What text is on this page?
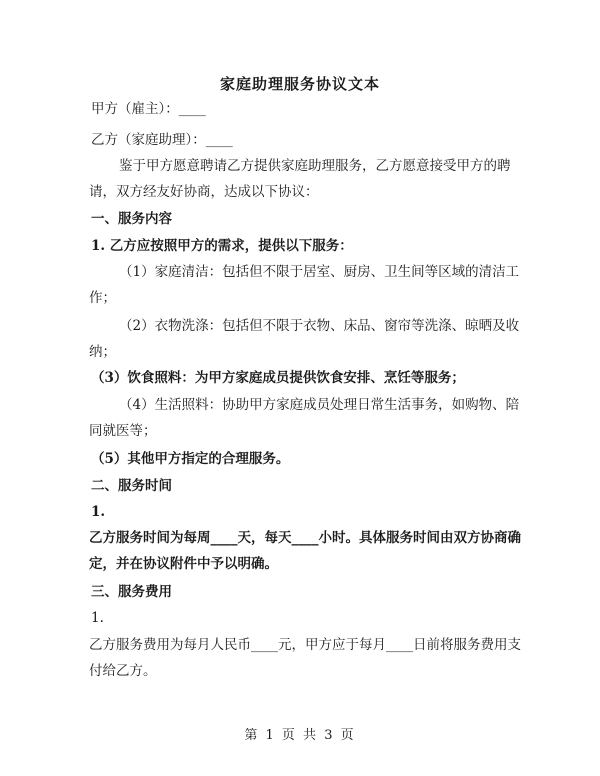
家庭助理服务协议文本
甲方（雇主）：____
乙方（家庭助理）：____
鉴于甲方愿意聘请乙方提供家庭助理服务，乙方愿意接受甲方的聘请，双方经友好协商，达成以下协议：
一、服务内容
1. 乙方应按照甲方的需求，提供以下服务：
（1）家庭清洁：包括但不限于居室、厨房、卫生间等区域的清洁工作；
（2）衣物洗涤：包括但不限于衣物、床品、窗帘等洗涤、晾晒及收纳；
（3）饮食照料：为甲方家庭成员提供饮食安排、烹饪等服务；
（4）生活照料：协助甲方家庭成员处理日常生活事务，如购物、陪同就医等；
（5）其他甲方指定的合理服务。
二、服务时间
1.
乙方服务时间为每周____天，每天____小时。具体服务时间由双方协商确定，并在协议附件中予以明确。
三、服务费用
1.
乙方服务费用为每月人民币____元，甲方应于每月____日前将服务费用支付给乙方。
第 1 页 共 3 页
